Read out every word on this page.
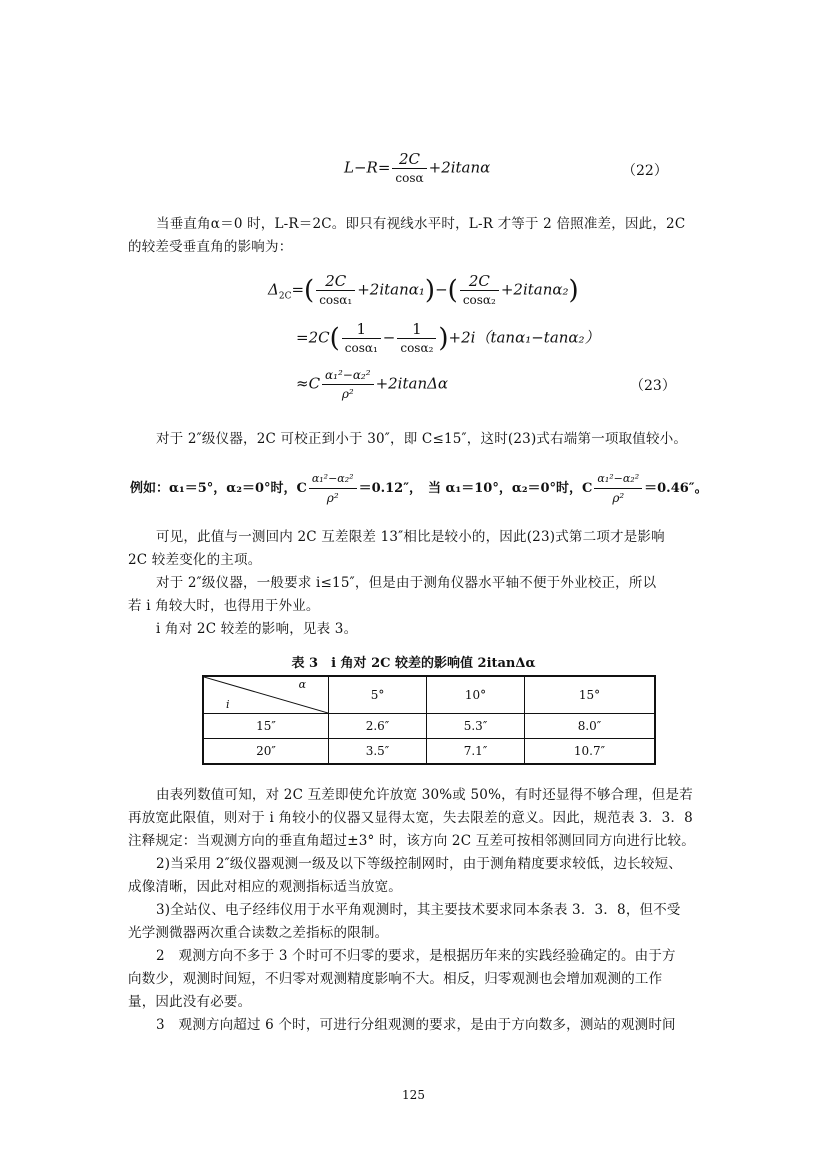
$L-R= \frac{2C}{\cos\alpha} +2itan\alpha$	（22）
当垂直角α＝0 时，L-R＝2C。即只有视线水平时，L-R 才等于 2 倍照准差，因此，2C
的较差受垂直角的影响为：
$\Delta_{2C}=( \frac{2C}{\text{cosα₁}} +2itan\alpha_1)-( \frac{2C}{\text{cosα₂}} +2itan\alpha_2)$
$=2C( \frac{1}{\text{cosα₁}} - \frac{1}{\text{cosα₂}} )+2i(\tan\alpha_1-\tan\alpha_2)$
$\approx C \frac{\text{α₁²−α₂²}}{\text{ρ²}} +2itan\Delta\alpha$	（23）
对于 2″级仪器，2C 可校正到小于 30″，即 C≤15″，这时(23)式右端第一项取值较小。
例如：α₁＝5°，α₂＝0°时，C $\frac{\text{α₁²−α₂²}}{\text{ρ²}} =0.12''$， 当 α₁＝10°，α₂＝0°时，C $\frac{\text{α₁²−α₂²}}{\text{ρ²}} =0.46''$。
可见，此值与一测回内 2C 互差限差 13″相比是较小的，因此(23)式第二项才是影响
2C 较差变化的主项。
对于 2″级仪器，一般要求 i≤15″，但是由于测角仪器水平轴不便于外业校正，所以
若 i 角较大时，也得用于外业。
i 角对 2C 较差的影响，见表 3。
表 3　i 角对 2C 较差的影响值 2itanΔα
α
i	5°	10°	15°
15″	2.6″	5.3″	8.0″
20″	3.5″	7.1″	10.7″
由表列数值可知，对 2C 互差即使允许放宽 30%或 50%，有时还显得不够合理，但是若
再放宽此限值，则对于 i 角较小的仪器又显得太宽，失去限差的意义。因此，规范表 3．3．8
注释规定：当观测方向的垂直角超过±3° 时，该方向 2C 互差可按相邻测回同方向进行比较。
2)当采用 2″级仪器观测一级及以下等级控制网时，由于测角精度要求较低，边长较短、
成像清晰，因此对相应的观测指标适当放宽。
3)全站仪、电子经纬仪用于水平角观测时，其主要技术要求同本条表 3．3．8，但不受
光学测微器两次重合读数之差指标的限制。
2　观测方向不多于 3 个时可不归零的要求，是根据历年来的实践经验确定的。由于方
向数少，观测时间短，不归零对观测精度影响不大。相反，归零观测也会增加观测的工作
量，因此没有必要。
3　观测方向超过 6 个时，可进行分组观测的要求，是由于方向数多，测站的观测时间
125
